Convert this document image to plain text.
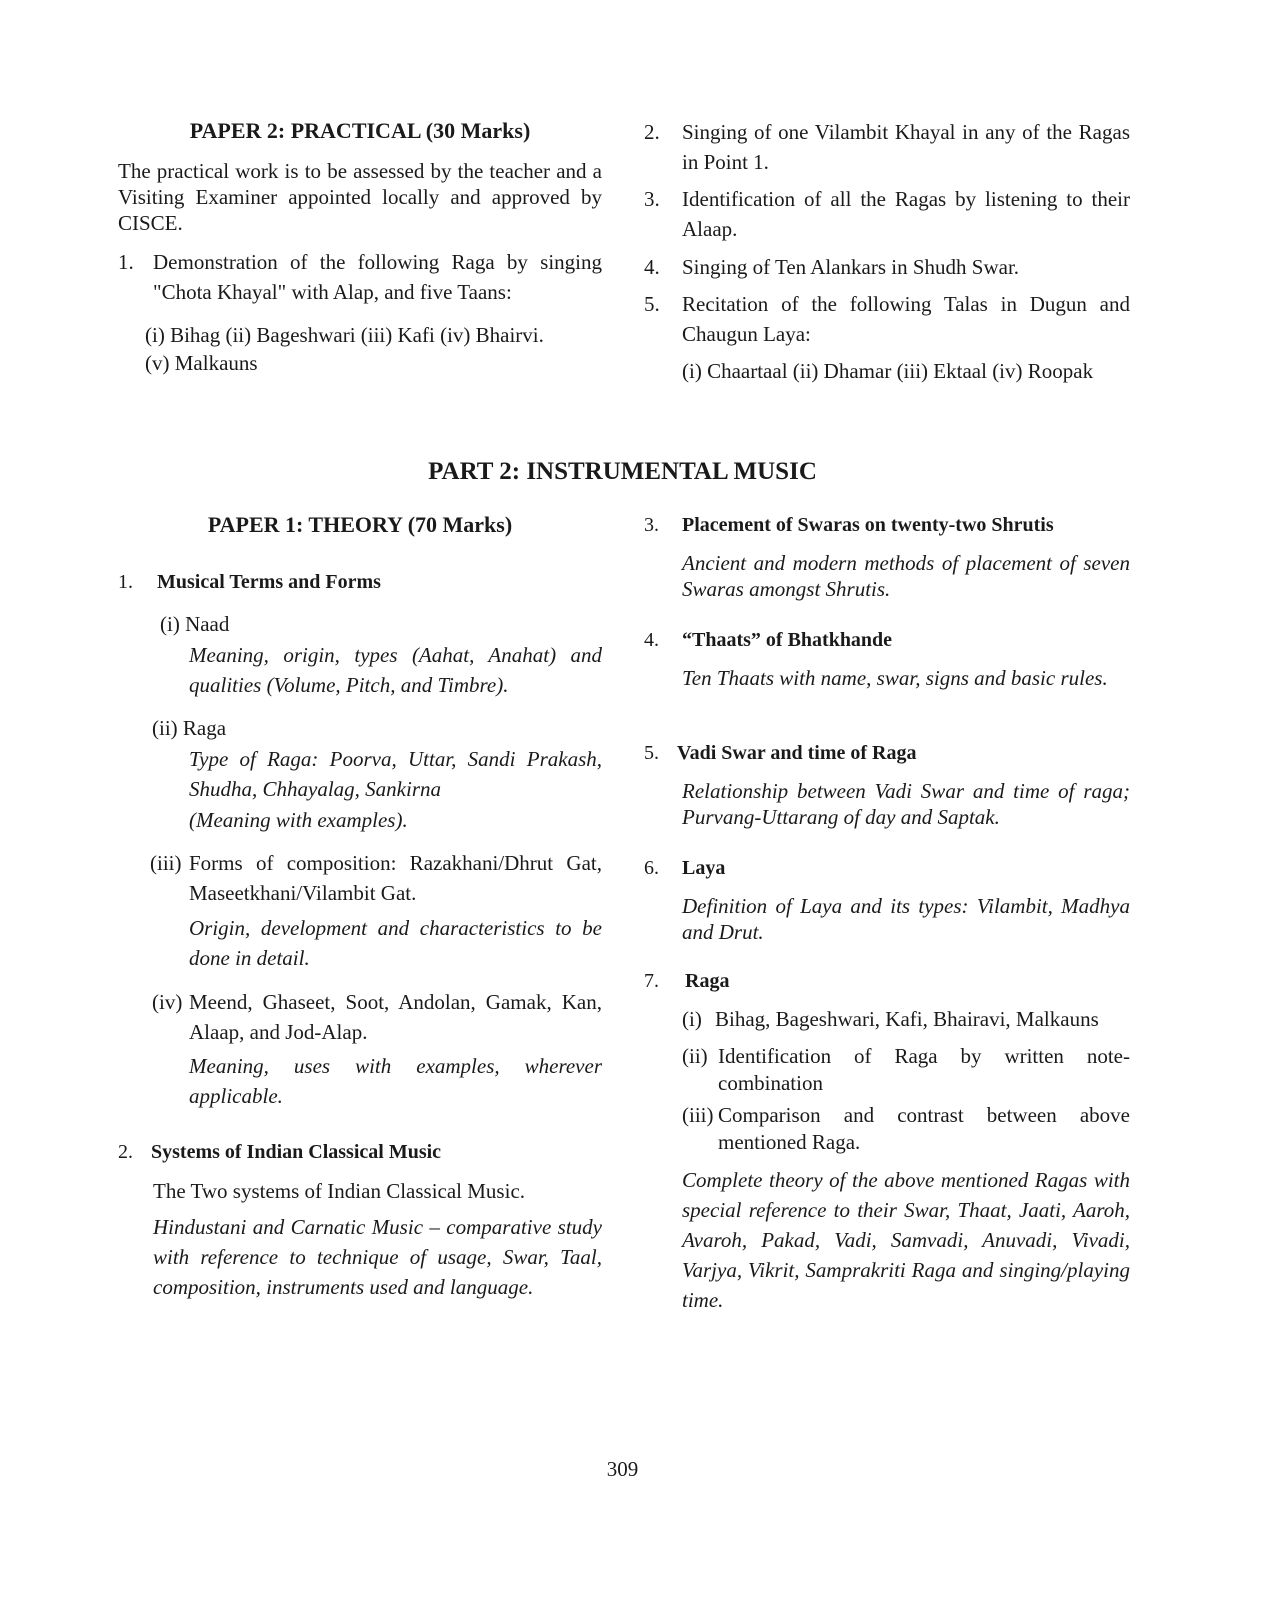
PAPER 2: PRACTICAL (30 Marks)

The practical work is to be assessed by the teacher and a Visiting Examiner appointed locally and approved by CISCE.

1. Demonstration of the following Raga by singing "Chota Khayal" with Alap, and five Taans:

(i) Bihag (ii) Bageshwari (iii) Kafi (iv) Bhairvi.

(v) Malkauns

2.	Singing of one Vilambit Khayal in any of the Ragas in Point 1.
3.	Identification of all the Ragas by listening to their Alaap.
4.	Singing of Ten Alankars in Shudh Swar.
5.	Recitation of the following Talas in Dugun and Chaugun Laya:

(i) Chaartaal (ii) Dhamar (iii) Ektaal (iv) Roopak

PART 2: INSTRUMENTAL MUSIC
PAPER 1: THEORY (70 Marks)
1.	Musical Terms and Forms

(i) Naad

Meaning, origin, types (Aahat, Anahat) and qualities (Volume, Pitch, and Timbre).

(ii) Raga

Type of Raga: Poorva, Uttar, Sandi Prakash, Shudha, Chhayalag, Sankirna

(Meaning with examples).

(iii) Forms of composition: Razakhani/Dhrut Gat, Maseetkhani/Vilambit Gat.

Origin, development and characteristics to be done in detail.

(iv) Meend, Ghaseet, Soot, Andolan, Gamak, Kan, Alaap, and Jod-Alap.

Meaning, uses with examples, wherever applicable.

2. Systems of Indian Classical Music

The Two systems of Indian Classical Music.

Hindustani and Carnatic Music – comparative study with reference to technique of usage, Swar, Taal, composition, instruments used and language.

3.	Placement of Swaras on twenty-two Shrutis

Ancient and modern methods of placement of seven Swaras amongst Shrutis.

4.	“Thaats” of Bhatkhande

Ten Thaats with name, swar, signs and basic rules.

5. Vadi Swar and time of Raga

Relationship between Vadi Swar and time of raga; Purvang-Uttarang of day and Saptak.

6.	Laya

Definition of Laya and its types: Vilambit, Madhya and Drut.

7.	Raga
(i) Bihag, Bageshwari, Kafi, Bhairavi, Malkauns
(ii) Identification of Raga by written note-combination
(iii) Comparison and contrast between above mentioned Raga.

Complete theory of the above mentioned Ragas with special reference to their Swar, Thaat, Jaati, Aaroh, Avaroh, Pakad, Vadi, Samvadi, Anuvadi, Vivadi, Varjya, Vikrit, Samprakriti Raga and singing/playing time.

309
